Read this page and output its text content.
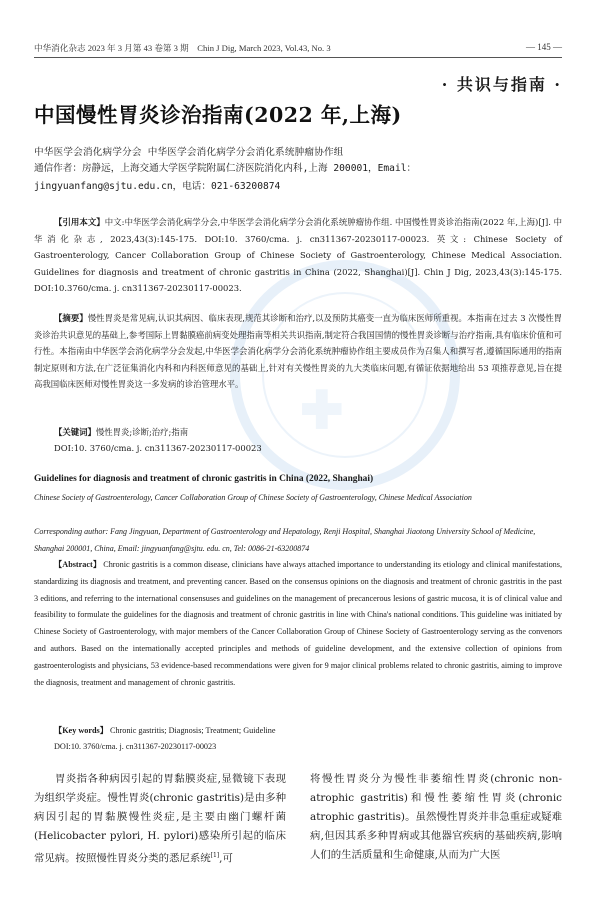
✚
中华消化杂志 2023 年 3 月第 43 卷第 3 期　Chin J Dig, March 2023, Vol.43, No. 3	— 145 —
· 共识与指南 ·
中国慢性胃炎诊治指南(2022 年,上海)
中华医学会消化病学分会 中华医学会消化病学分会消化系统肿瘤协作组
通信作者：房静远，上海交通大学医学院附属仁济医院消化内科,上海 200001，Email：jingyuanfang@sjtu.edu.cn，电话：021-63200874
【引用本文】中文:中华医学会消化病学分会,中华医学会消化病学分会消化系统肿瘤协作组. 中国慢性胃炎诊治指南(2022 年,上海)[J]. 中华消化杂志, 2023,43(3):145-175. DOI:10. 3760/cma. j. cn311367-20230117-00023. 英文: Chinese Society of Gastroenterology, Cancer Collaboration Group of Chinese Society of Gastroenterology, Chinese Medical Association. Guidelines for diagnosis and treatment of chronic gastritis in China (2022, Shanghai)[J]. Chin J Dig, 2023,43(3):145-175. DOI:10.3760/cma. j. cn311367-20230117-00023.
【摘要】慢性胃炎是常见病,认识其病因、临床表现,规范其诊断和治疗,以及预防其癌变一直为临床医师所重视。本指南在过去 3 次慢性胃炎诊治共识意见的基础上,参考国际上胃黏膜癌前病变处理指南等相关共识指南,制定符合我国国情的慢性胃炎诊断与治疗指南,具有临床价值和可行性。本指南由中华医学会消化病学分会发起,中华医学会消化病学分会消化系统肿瘤协作组主要成员作为召集人和撰写者,遵循国际通用的指南制定原则和方法,在广泛征集消化内科和内科医师意见的基础上,针对有关慢性胃炎的九大类临床问题,有循证依据地给出 53 项推荐意见,旨在提高我国临床医师对慢性胃炎这一多发病的诊治管理水平。
【关键词】慢性胃炎;诊断;治疗;指南
DOI:10. 3760/cma. j. cn311367-20230117-00023
Guidelines for diagnosis and treatment of chronic gastritis in China (2022, Shanghai)
Chinese Society of Gastroenterology, Cancer Collaboration Group of Chinese Society of Gastroenterology, Chinese Medical Association
Corresponding author: Fang Jingyuan, Department of Gastroenterology and Hepatology, Renji Hospital, Shanghai Jiaotong University School of Medicine, Shanghai 200001, China, Email: jingyuanfang@sjtu. edu. cn, Tel: 0086-21-63200874
【Abstract】 Chronic gastritis is a common disease, clinicians have always attached importance to understanding its etiology and clinical manifestations, standardizing its diagnosis and treatment, and preventing cancer. Based on the consensus opinions on the diagnosis and treatment of chronic gastritis in the past 3 editions, and referring to the international consensuses and guidelines on the management of precancerous lesions of gastric mucosa, it is of clinical value and feasibility to formulate the guidelines for the diagnosis and treatment of chronic gastritis in line with China's national conditions. This guideline was initiated by Chinese Society of Gastroenterology, with major members of the Cancer Collaboration Group of Chinese Society of Gastroenterology serving as the convenors and authors. Based on the internationally accepted principles and methods of guideline development, and the extensive collection of opinions from gastroenterologists and physicians, 53 evidence-based recommendations were given for 9 major clinical problems related to chronic gastritis, aiming to improve the diagnosis, treatment and management of chronic gastritis.
【Key words】 Chronic gastritis; Diagnosis; Treatment; Guideline
DOI:10. 3760/cma. j. cn311367-20230117-00023
胃炎指各种病因引起的胃黏膜炎症,显微镜下表现为组织学炎症。慢性胃炎(chronic gastritis)是由多种病因引起的胃黏膜慢性炎症,是主要由幽门螺杆菌(Helicobacter pylori, H. pylori)感染所引起的临床常见病。按照慢性胃炎分类的悉尼系统[1],可
将慢性胃炎分为慢性非萎缩性胃炎(chronic non-atrophic gastritis)和慢性萎缩性胃炎(chronic atrophic gastritis)。虽然慢性胃炎并非急重症或疑难病,但因其系多种胃病或其他器官疾病的基础疾病,影响人们的生活质量和生命健康,从而为广大医
